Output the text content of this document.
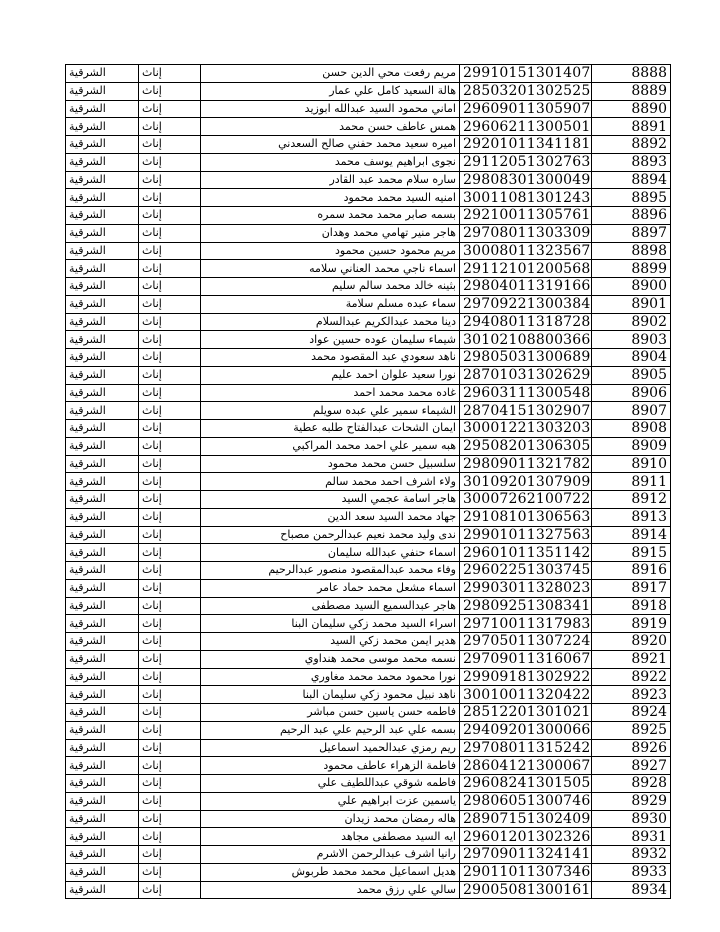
الشرقية	إناث	مريم رفعت محي الدين حسن	29910151301407	8888
الشرقية	إناث	هالة السعيد كامل علي عمار	28503201302525	8889
الشرقية	إناث	اماني محمود السيد عبدالله ابوزيد	29609011305907	8890
الشرقية	إناث	همس عاطف حسن محمد	29606211300501	8891
الشرقية	إناث	اميره سعيد محمد حفني صالح السعدني	29201011341181	8892
الشرقية	إناث	نجوى ابراهيم يوسف محمد	29112051302763	8893
الشرقية	إناث	ساره سلام محمد عبد القادر	29808301300049	8894
الشرقية	إناث	امنيه السيد محمد محمود	30011081301243	8895
الشرقية	إناث	بسمه صابر محمد محمد سمره	29210011305761	8896
الشرقية	إناث	هاجر منير تهامي محمد وهدان	29708011303309	8897
الشرقية	إناث	مريم محمود حسين محمود	30008011323567	8898
الشرقية	إناث	اسماء ناجي محمد العناني سلامه	29112101200568	8899
الشرقية	إناث	بثينه خالد محمد سالم سليم	29804011319166	8900
الشرقية	إناث	سماء عبده مسلم سلامة	29709221300384	8901
الشرقية	إناث	دينا محمد عبدالكريم عبدالسلام	29408011318728	8902
الشرقية	إناث	شيماء سليمان عوده حسين عواد	30102108800366	8903
الشرقية	إناث	ناهد سعودي عبد المقصود محمد	29805031300689	8904
الشرقية	إناث	نورا سعيد علوان احمد عليم	28701031302629	8905
الشرقية	إناث	غاده محمد محمد احمد	29603111300548	8906
الشرقية	إناث	الشيماء سمير علي عبده سويلم	28704151302907	8907
الشرقية	إناث	ايمان الشحات عبدالفتاح طلبه عطية	30001221303203	8908
الشرقية	إناث	هبه سمير علي احمد محمد المراكبي	29508201306305	8909
الشرقية	إناث	سلسبيل حسن محمد محمود	29809011321782	8910
الشرقية	إناث	ولاء اشرف احمد محمد سالم	30109201307909	8911
الشرقية	إناث	هاجر اسامة عجمي السيد	30007262100722	8912
الشرقية	إناث	جهاد محمد السيد سعد الدين	29108101306563	8913
الشرقية	إناث	ندى وليد محمد نعيم عبدالرحمن مصباح	29901011327563	8914
الشرقية	إناث	اسماء حنفي عبدالله سليمان	29601011351142	8915
الشرقية	إناث	وفاء محمد عبدالمقصود منصور عبدالرحيم	29602251303745	8916
الشرقية	إناث	اسماء مشعل محمد حماد عامر	29903011328023	8917
الشرقية	إناث	هاجر عبدالسميع السيد مصطفى	29809251308341	8918
الشرقية	إناث	اسراء السيد محمد زكي سليمان البنا	29710011317983	8919
الشرقية	إناث	هدير ايمن محمد زكي السيد	29705011307224	8920
الشرقية	إناث	نسمه محمد موسى محمد هنداوي	29709011316067	8921
الشرقية	إناث	نورا محمود محمد محمد مغاوري	29909181302922	8922
الشرقية	إناث	ناهد نبيل محمود زكي سليمان البنا	30010011320422	8923
الشرقية	إناث	فاطمه حسن ياسين حسن مباشر	28512201301021	8924
الشرقية	إناث	بسمه علي عبد الرحيم علي عبد الرحيم	29409201300066	8925
الشرقية	إناث	ريم رمزي عبدالحميد اسماعيل	29708011315242	8926
الشرقية	إناث	فاطمة الزهراء عاطف محمود	28604121300067	8927
الشرقية	إناث	فاطمه شوقي عبداللطيف علي	29608241301505	8928
الشرقية	إناث	ياسمين عزت ابراهيم علي	29806051300746	8929
الشرقية	إناث	هاله رمضان محمد زيدان	28907151302409	8930
الشرقية	إناث	ايه السيد مصطفى مجاهد	29601201302326	8931
الشرقية	إناث	رانيا اشرف عبدالرحمن الاشرم	29709011324141	8932
الشرقية	إناث	هديل اسماعيل محمد محمد طربوش	29011011307346	8933
الشرقية	إناث	سالي علي رزق محمد	29005081300161	8934
